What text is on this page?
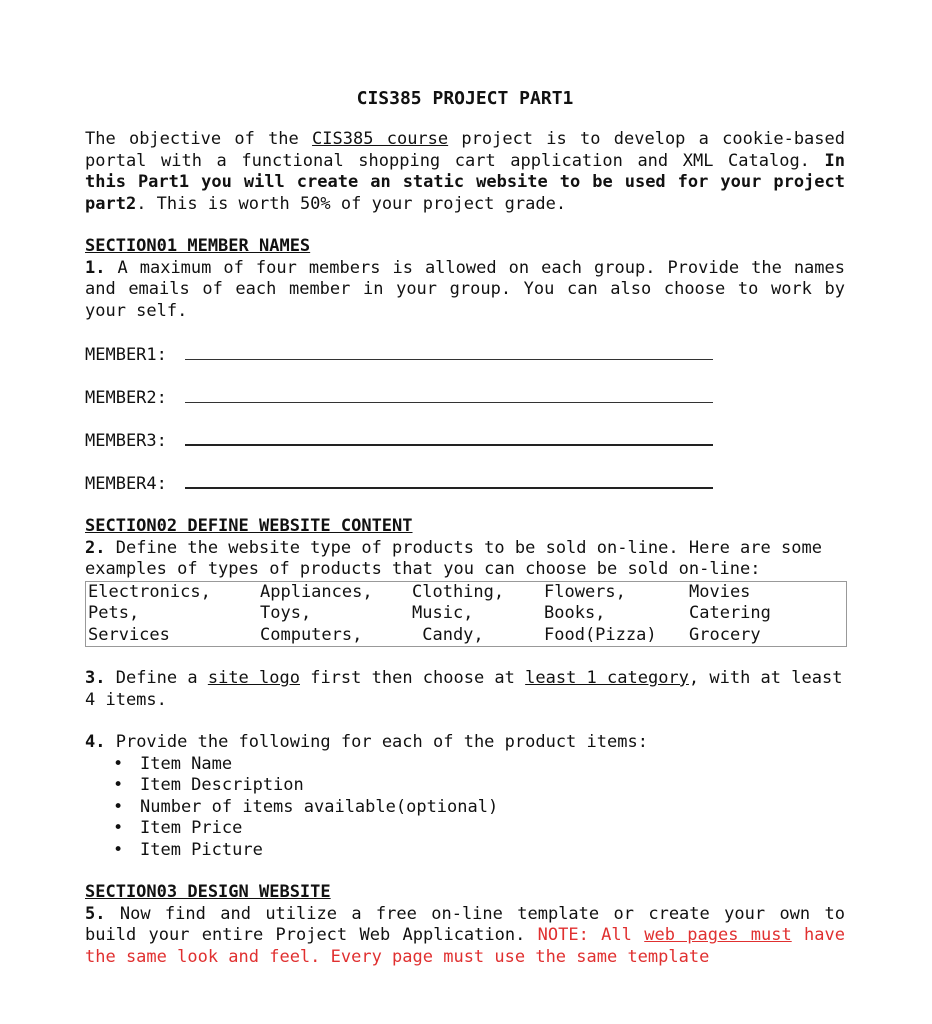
CIS385 PROJECT PART1

The objective of the CIS385 course project is to develop a cookie-based portal with a functional shopping cart application and XML Catalog. In this Part1 you will create an static website to be used for your project part2. This is worth 50% of your project grade.

SECTION01 MEMBER NAMES

1. A maximum of four members is allowed on each group. Provide the names and emails of each member in your group. You can also choose to work by your self.

MEMBER1:
MEMBER2:
MEMBER3:
MEMBER4:

SECTION02 DEFINE WEBSITE CONTENT

2. Define the website type of products to be sold on-line. Here are some examples of types of products that you can choose be sold on-line:

Electronics,	Appliances,	Clothing,	Flowers,	Movies
Pets,	Toys,	Music,	Books,	Catering
Services	Computers,	Candy,	Food(Pizza)	Grocery

3. Define a site logo first then choose at least 1 category, with at least 4 items.

4. Provide the following for each of the product items:

• Item Name
• Item Description
• Number of items available(optional)
• Item Price
• Item Picture

SECTION03 DESIGN WEBSITE

5. Now find and utilize a free on-line template or create your own to build your entire Project Web Application. NOTE: All web pages must have the same look and feel. Every page must use the same template
